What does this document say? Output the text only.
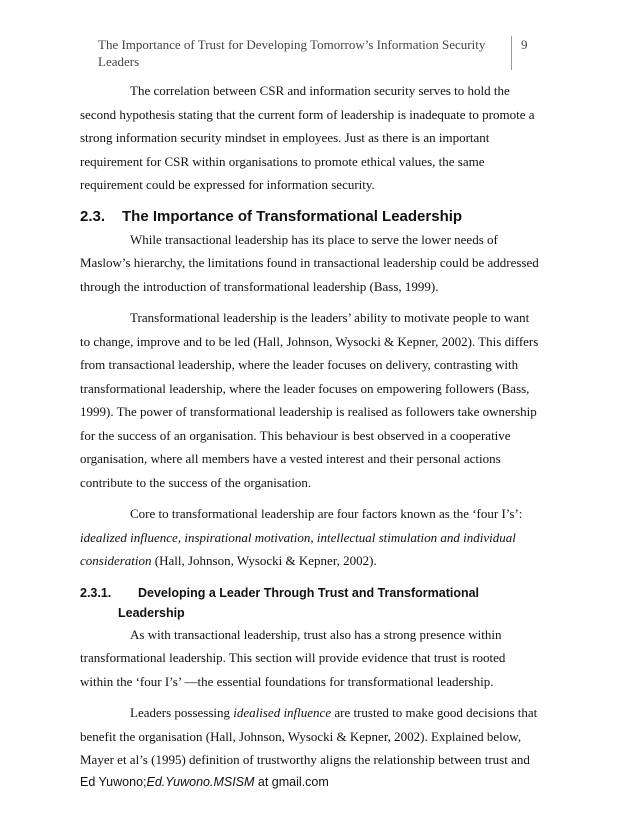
The Importance of Trust for Developing Tomorrow’s Information Security Leaders
9

The correlation between CSR and information security serves to hold the second hypothesis stating that the current form of leadership is inadequate to promote a strong information security mindset in employees. Just as there is an important requirement for CSR within organisations to promote ethical values, the same requirement could be expressed for information security.

2.3. The Importance of Transformational Leadership

While transactional leadership has its place to serve the lower needs of Maslow’s hierarchy, the limitations found in transactional leadership could be addressed through the introduction of transformational leadership (Bass, 1999).

Transformational leadership is the leaders’ ability to motivate people to want to change, improve and to be led (Hall, Johnson, Wysocki & Kepner, 2002). This differs from transactional leadership, where the leader focuses on delivery, contrasting with transformational leadership, where the leader focuses on empowering followers (Bass, 1999). The power of transformational leadership is realised as followers take ownership for the success of an organisation. This behaviour is best observed in a cooperative organisation, where all members have a vested interest and their personal actions contribute to the success of the organisation.

Core to transformational leadership are four factors known as the ‘four I’s’: idealized influence, inspirational motivation, intellectual stimulation and individual consideration (Hall, Johnson, Wysocki & Kepner, 2002).

2.3.1. Developing a Leader Through Trust and Transformational
Leadership

As with transactional leadership, trust also has a strong presence within transformational leadership. This section will provide evidence that trust is rooted within the ‘four I’s’ —the essential foundations for transformational leadership.

Leaders possessing idealised influence are trusted to make good decisions that benefit the organisation (Hall, Johnson, Wysocki & Kepner, 2002). Explained below, Mayer et al’s (1995) definition of trustworthy aligns the relationship between trust and

Ed Yuwono;Ed.Yuwono.MSISM at gmail.com
